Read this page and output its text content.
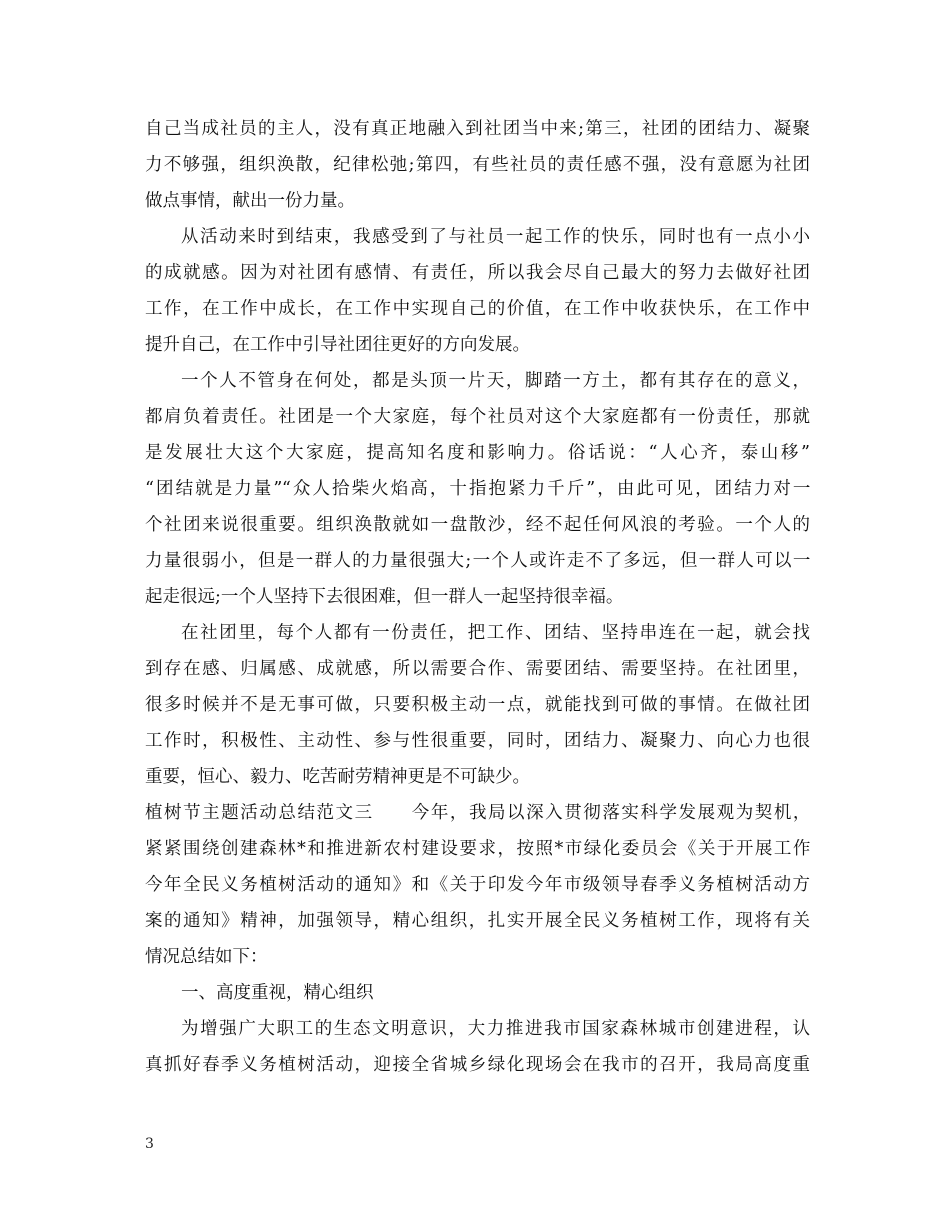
自己当成社员的主人，没有真正地融入到社团当中来;第三，社团的团结力、凝聚
力不够强，组织涣散，纪律松弛;第四，有些社员的责任感不强，没有意愿为社团
做点事情，献出一份力量。
从活动来时到结束，我感受到了与社员一起工作的快乐，同时也有一点小小
的成就感。因为对社团有感情、有责任，所以我会尽自己最大的努力去做好社团
工作，在工作中成长，在工作中实现自己的价值，在工作中收获快乐，在工作中
提升自己，在工作中引导社团往更好的方向发展。
一个人不管身在何处，都是头顶一片天，脚踏一方土，都有其存在的意义，
都肩负着责任。社团是一个大家庭，每个社员对这个大家庭都有一份责任，那就
是发展壮大这个大家庭，提高知名度和影响力。俗话说：“人心齐，泰山移”
“团结就是力量”“众人拾柴火焰高，十指抱紧力千斤”，由此可见，团结力对一
个社团来说很重要。组织涣散就如一盘散沙，经不起任何风浪的考验。一个人的
力量很弱小，但是一群人的力量很强大;一个人或许走不了多远，但一群人可以一
起走很远;一个人坚持下去很困难，但一群人一起坚持很幸福。
在社团里，每个人都有一份责任，把工作、团结、坚持串连在一起，就会找
到存在感、归属感、成就感，所以需要合作、需要团结、需要坚持。在社团里，
很多时候并不是无事可做，只要积极主动一点，就能找到可做的事情。在做社团
工作时，积极性、主动性、参与性很重要，同时，团结力、凝聚力、向心力也很
重要，恒心、毅力、吃苦耐劳精神更是不可缺少。
植树节主题活动总结范文三　　今年，我局以深入贯彻落实科学发展观为契机，
紧紧围绕创建森林*和推进新农村建设要求，按照*市绿化委员会《关于开展工作
今年全民义务植树活动的通知》和《关于印发今年市级领导春季义务植树活动方
案的通知》精神，加强领导，精心组织，扎实开展全民义务植树工作，现将有关
情况总结如下：
一、高度重视，精心组织
为增强广大职工的生态文明意识，大力推进我市国家森林城市创建进程，认
真抓好春季义务植树活动，迎接全省城乡绿化现场会在我市的召开，我局高度重
3
